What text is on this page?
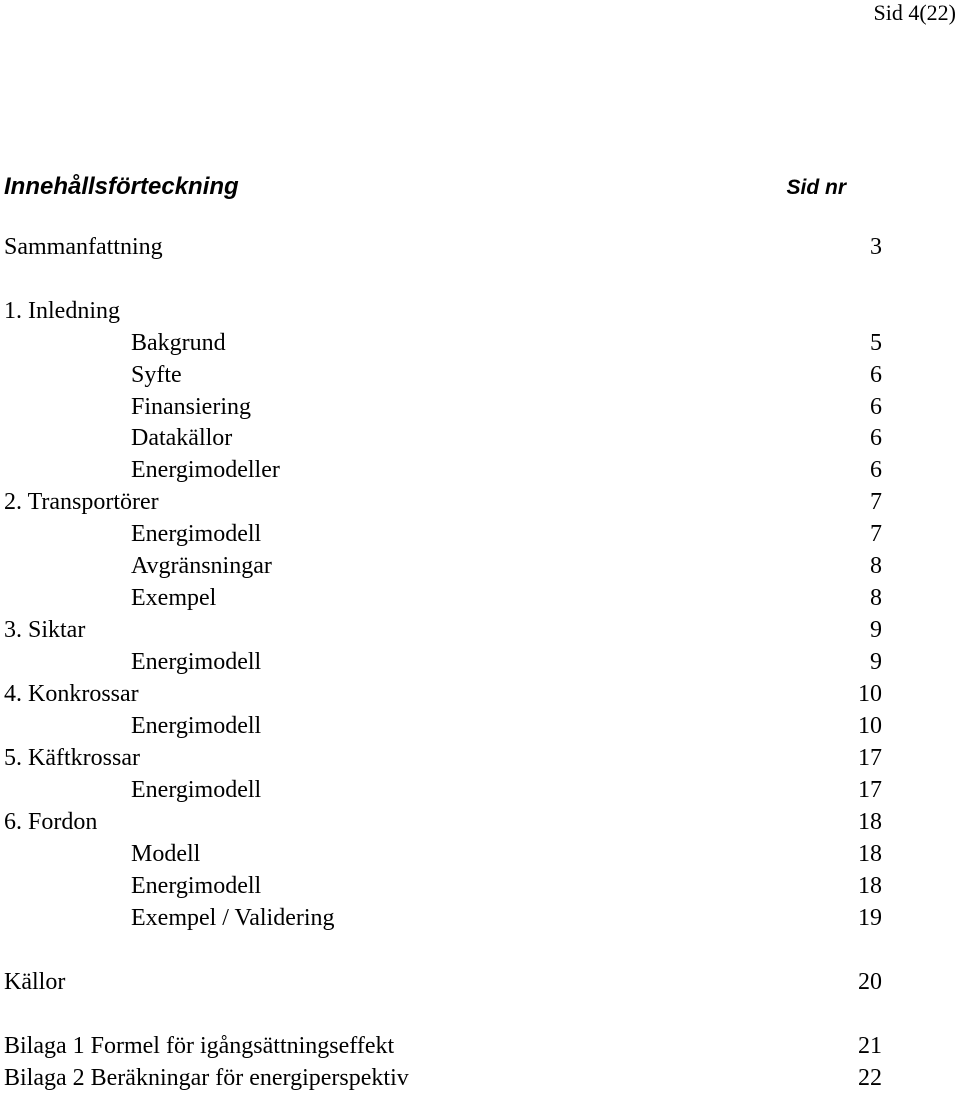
Sid 4(22)
Innehållsförteckning	Sid nr
Sammanfattning	3
1. Inledning
Bakgrund	5
Syfte	6
Finansiering	6
Datakällor	6
Energimodeller	6
2. Transportörer	7
Energimodell	7
Avgränsningar	8
Exempel	8
3. Siktar	9
Energimodell	9
4. Konkrossar	10
Energimodell	10
5. Käftkrossar	17
Energimodell	17
6. Fordon	18
Modell	18
Energimodell	18
Exempel / Validering	19
Källor	20
Bilaga 1 Formel för igångsättningseffekt	21
Bilaga 2 Beräkningar för energiperspektiv	22
